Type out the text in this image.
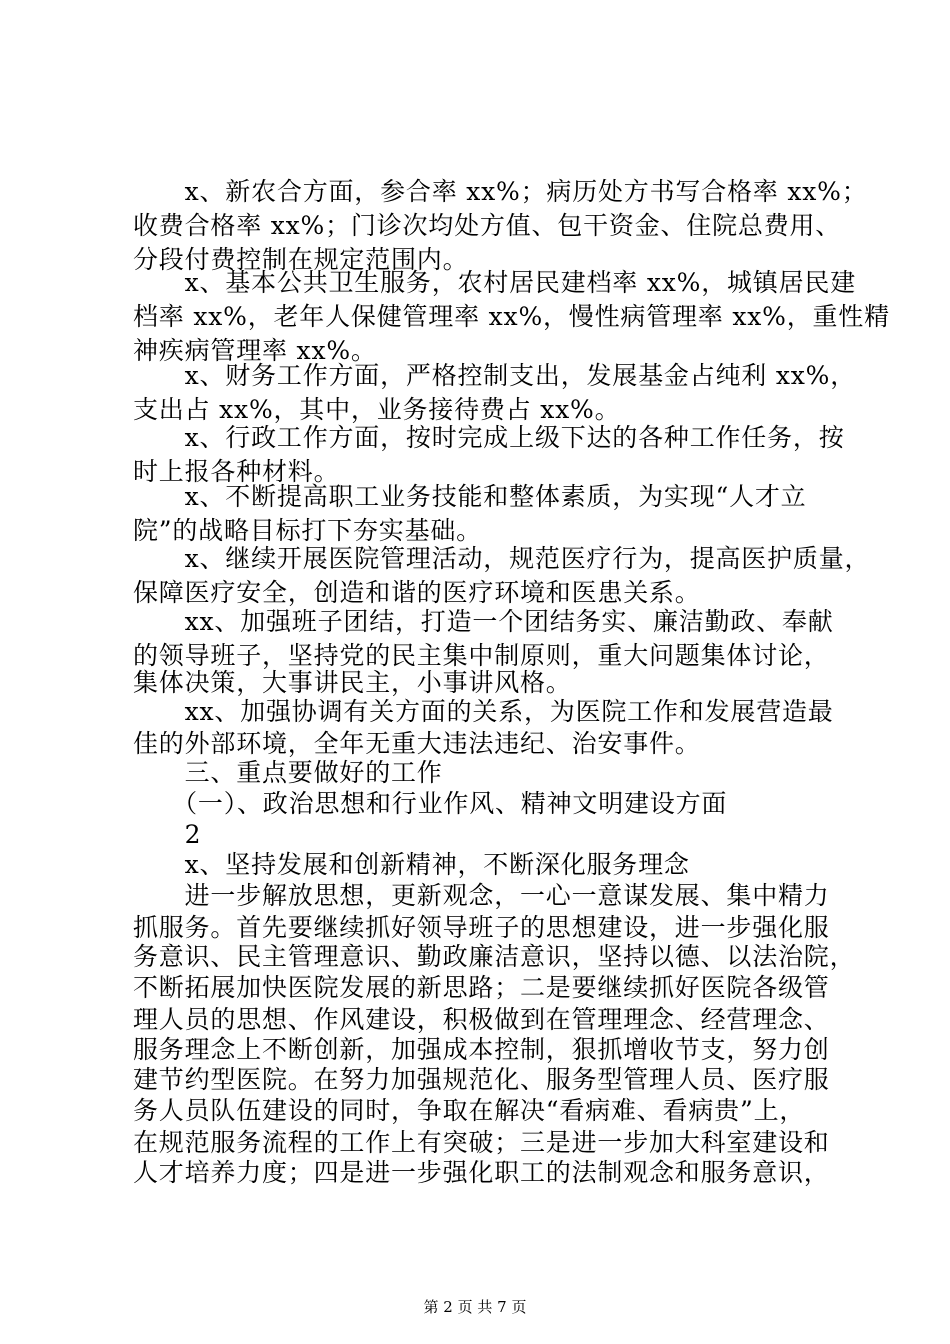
　　x、新农合方面，参合率 xx%；病历处方书写合格率 xx%；
收费合格率 xx%；门诊次均处方值、包干资金、住院总费用、
分段付费控制在规定范围内。
　　x、基本公共卫生服务，农村居民建档率 xx%，城镇居民建
档率 xx%，老年人保健管理率 xx%，慢性病管理率 xx%，重性精
神疾病管理率 xx%。
　　x、财务工作方面，严格控制支出，发展基金占纯利 xx%，
支出占 xx%，其中，业务接待费占 xx%。
　　x、行政工作方面，按时完成上级下达的各种工作任务，按
时上报各种材料。
　　x、不断提高职工业务技能和整体素质，为实现“人才立
院”的战略目标打下夯实基础。
　　x、继续开展医院管理活动，规范医疗行为，提高医护质量，
保障医疗安全，创造和谐的医疗环境和医患关系。
　　xx、加强班子团结，打造一个团结务实、廉洁勤政、奉献
的领导班子，坚持党的民主集中制原则，重大问题集体讨论，
集体决策，大事讲民主，小事讲风格。
　　xx、加强协调有关方面的关系，为医院工作和发展营造最
佳的外部环境，全年无重大违法违纪、治安事件。
　　三、重点要做好的工作
　　（一）、政治思想和行业作风、精神文明建设方面
　　2
　　x、坚持发展和创新精神，不断深化服务理念
　　进一步解放思想，更新观念，一心一意谋发展、集中精力
抓服务。首先要继续抓好领导班子的思想建设，进一步强化服
务意识、民主管理意识、勤政廉洁意识，坚持以德、以法治院，
不断拓展加快医院发展的新思路；二是要继续抓好医院各级管
理人员的思想、作风建设，积极做到在管理理念、经营理念、
服务理念上不断创新，加强成本控制，狠抓增收节支，努力创
建节约型医院。在努力加强规范化、服务型管理人员、医疗服
务人员队伍建设的同时，争取在解决“看病难、看病贵”上，
在规范服务流程的工作上有突破；三是进一步加大科室建设和
人才培养力度；四是进一步强化职工的法制观念和服务意识，
第 2 页 共 7 页
